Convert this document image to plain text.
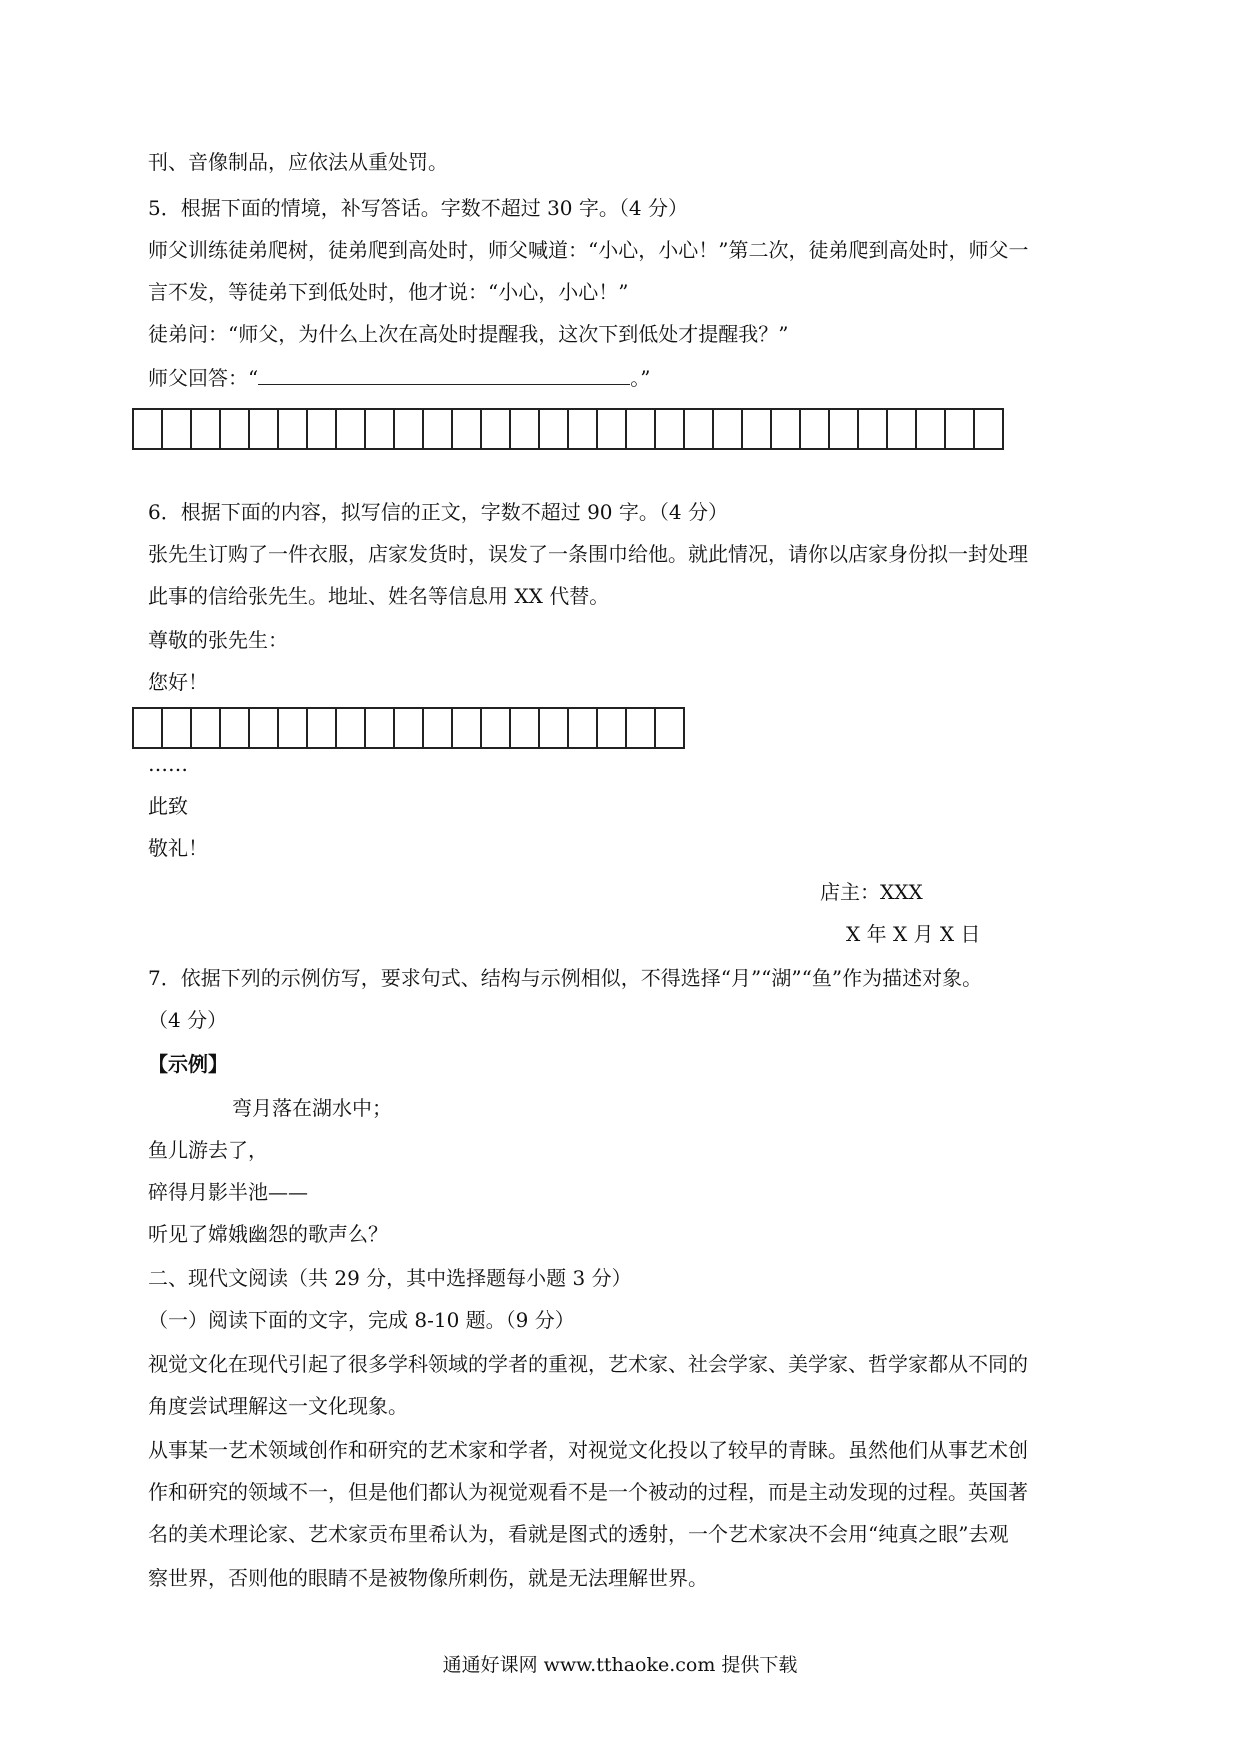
刊、音像制品，应依法从重处罚。
5．根据下面的情境，补写答话。字数不超过 30 字。（4 分）
师父训练徒弟爬树，徒弟爬到高处时，师父喊道：“小心，小心！”第二次，徒弟爬到高处时，师父一
言不发，等徒弟下到低处时，他才说：“小心，小心！”
徒弟问：“师父，为什么上次在高处时提醒我，这次下到低处才提醒我？”
师父回答：“	。”
6．根据下面的内容，拟写信的正文，字数不超过 90 字。（4 分）
张先生订购了一件衣服，店家发货时，误发了一条围巾给他。就此情况，请你以店家身份拟一封处理
此事的信给张先生。地址、姓名等信息用 XX 代替。
尊敬的张先生：
您好！
……
此致
敬礼！
店主：XXX
X 年 X 月 X 日
7．依据下列的示例仿写，要求句式、结构与示例相似，不得选择“月”“湖”“鱼”作为描述对象。
（4 分）
【示例】
弯月落在湖水中；
鱼儿游去了，
碎得月影半池——
听见了嫦娥幽怨的歌声么？
二、现代文阅读（共 29 分，其中选择题每小题 3 分）
（一）阅读下面的文字，完成 8-10 题。（9 分）
视觉文化在现代引起了很多学科领域的学者的重视，艺术家、社会学家、美学家、哲学家都从不同的
角度尝试理解这一文化现象。
从事某一艺术领域创作和研究的艺术家和学者，对视觉文化投以了较早的青睐。虽然他们从事艺术创
作和研究的领域不一，但是他们都认为视觉观看不是一个被动的过程，而是主动发现的过程。英国著
名的美术理论家、艺术家贡布里希认为，看就是图式的透射，一个艺术家决不会用“纯真之眼”去观
察世界，否则他的眼睛不是被物像所刺伤，就是无法理解世界。
通通好课网 www.tthaoke.com 提供下载
